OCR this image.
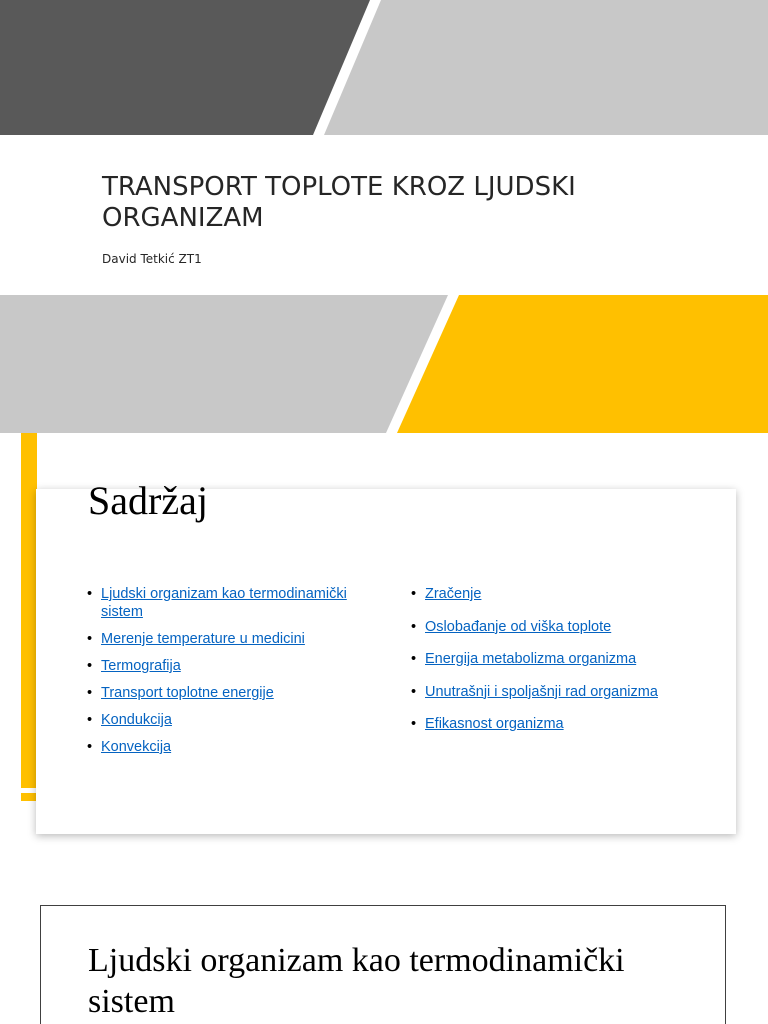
TRANSPORT TOPLOTE KROZ LJUDSKI ORGANIZAM

David Tetkić ZT1

Sadržaj
• Ljudski organizam kao termodinamički sistem
• Merenje temperature u medicini
• Termografija
• Transport toplotne energije
• Kondukcija
• Konvekcija
• Zračenje
• Oslobađanje od viška toplote
• Energija metabolizma organizma
• Unutrašnji i spoljašnji rad organizma
• Efikasnost organizma
Ljudski organizam kao termodinamički sistem
